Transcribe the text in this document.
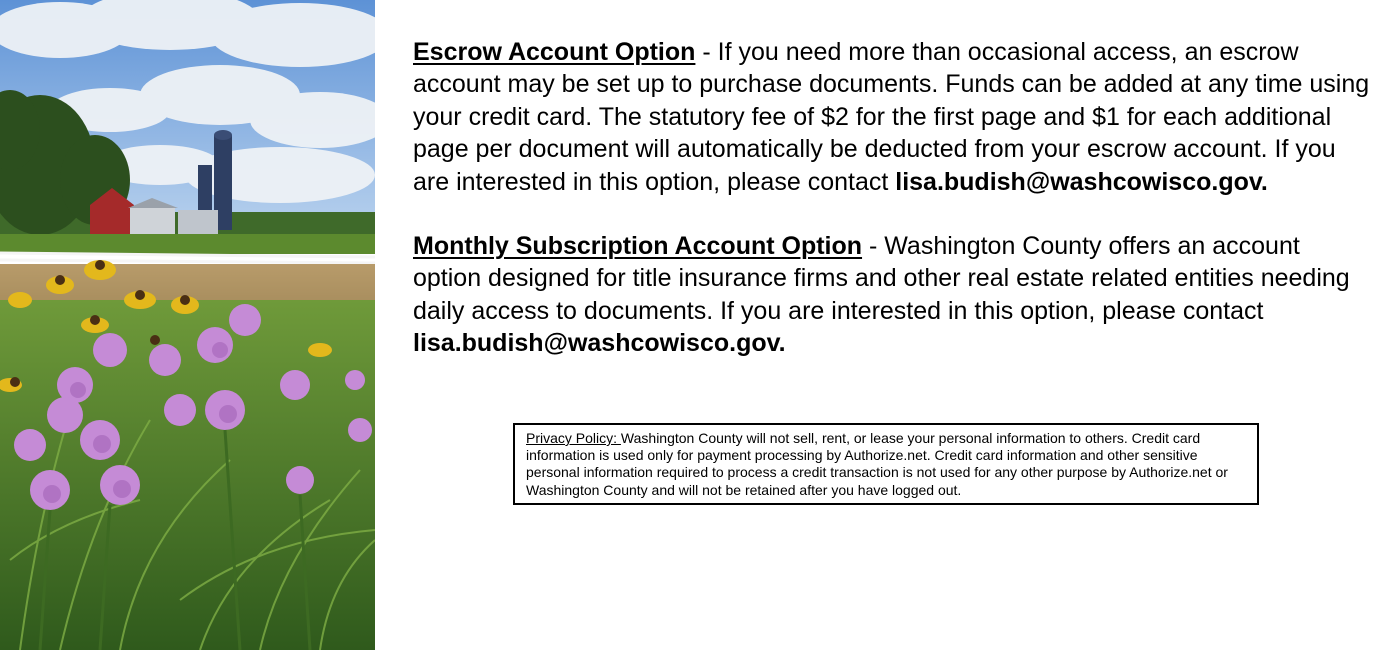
Escrow Account Option - If you need more than occasional access, an escrow account may be set up to purchase documents. Funds can be added at any time using your credit card. The statutory fee of $2 for the first page and $1 for each additional page per document will automatically be deducted from your escrow account. If you are interested in this option, please contact lisa.budish@washcowisco.gov.

Monthly Subscription Account Option - Washington County offers an account option designed for title insurance firms and other real estate related entities needing daily access to documents. If you are interested in this option, please contact lisa.budish@washcowisco.gov.

Privacy Policy: Washington County will not sell, rent, or lease your personal information to others. Credit card information is used only for payment processing by Authorize.net. Credit card information and other sensitive personal information required to process a credit transaction is not used for any other purpose by Authorize.net or Washington County and will not be retained after you have logged out.
